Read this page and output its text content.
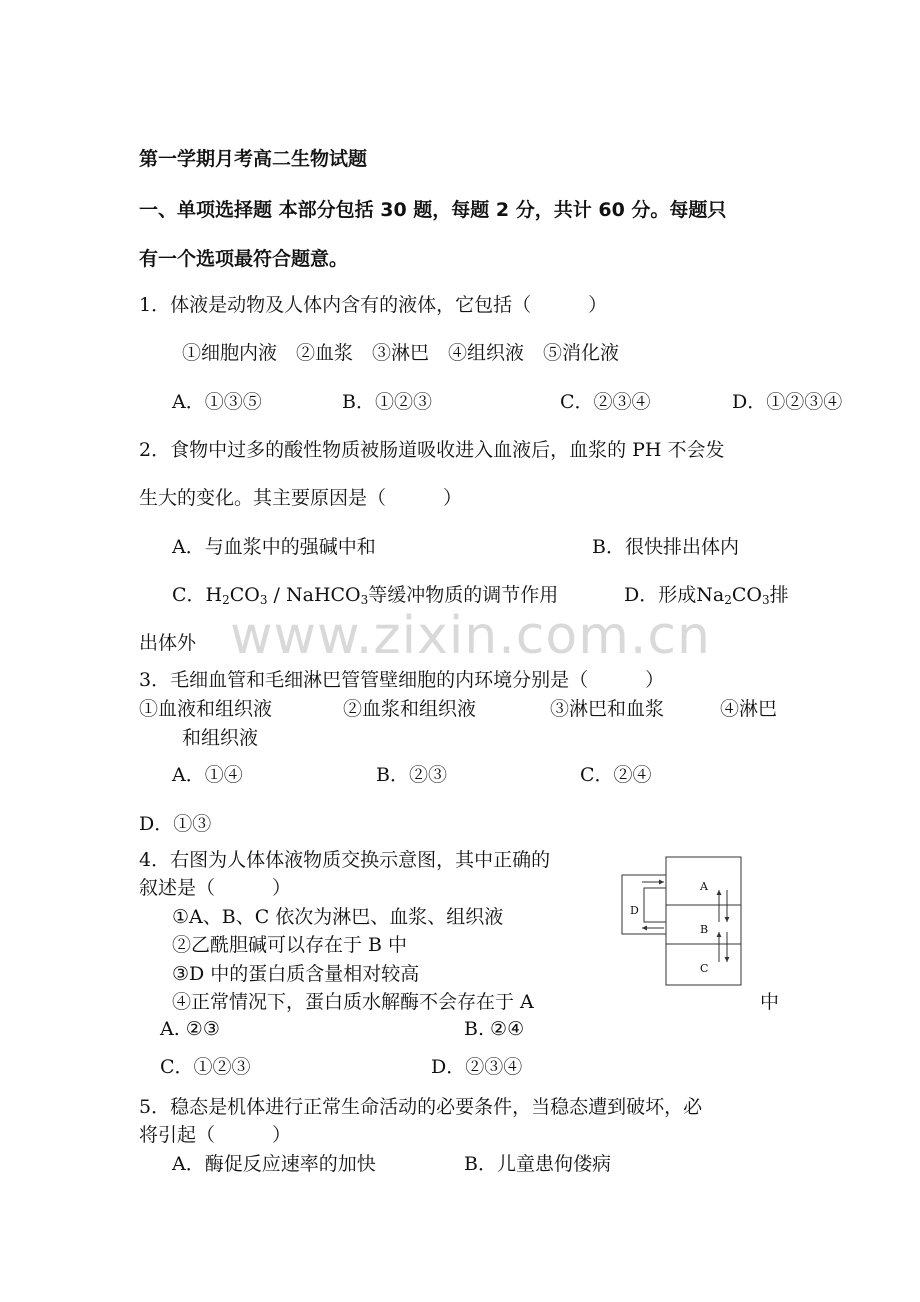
www.zixin.com.cn
第一学期月考高二生物试题
一、单项选择题 本部分包括 30 题，每题 2 分，共计 60 分。每题只
有一个选项最符合题意。
1．体液是动物及人体内含有的液体，它包括（　　　）
①细胞内液　②血浆　③淋巴　④组织液　⑤消化液
A．①③⑤	B．①②③	C．②③④	D．①②③④
2．食物中过多的酸性物质被肠道吸收进入血液后，血浆的 PH 不会发
生大的变化。其主要原因是（　　　）
A．与血浆中的强碱中和	B．很快排出体内
C．$H_2CO_3$ / NaHCO$_3$等缓冲物质的调节作用	D．形成$Na_2CO_3$排
出体外
3．毛细血管和毛细淋巴管管壁细胞的内环境分别是（　　　）
①血液和组织液	②血浆和组织液	③淋巴和血浆	④淋巴
和组织液
A．①④	B．②③	C．②④
D．①③
4．右图为人体体液物质交换示意图，其中正确的
叙述是（　　　）
①A、B、C 依次为淋巴、血浆、组织液
②乙酰胆碱可以存在于 B 中
③D 中的蛋白质含量相对较高
④正常情况下，蛋白质水解酶不会存在于 A	中
A. ②③	B. ②④
C．①②③	D．②③④
A
B
C
D
5．稳态是机体进行正常生命活动的必要条件，当稳态遭到破坏，必
将引起（　　　）
A．酶促反应速率的加快	B．儿童患佝偻病
